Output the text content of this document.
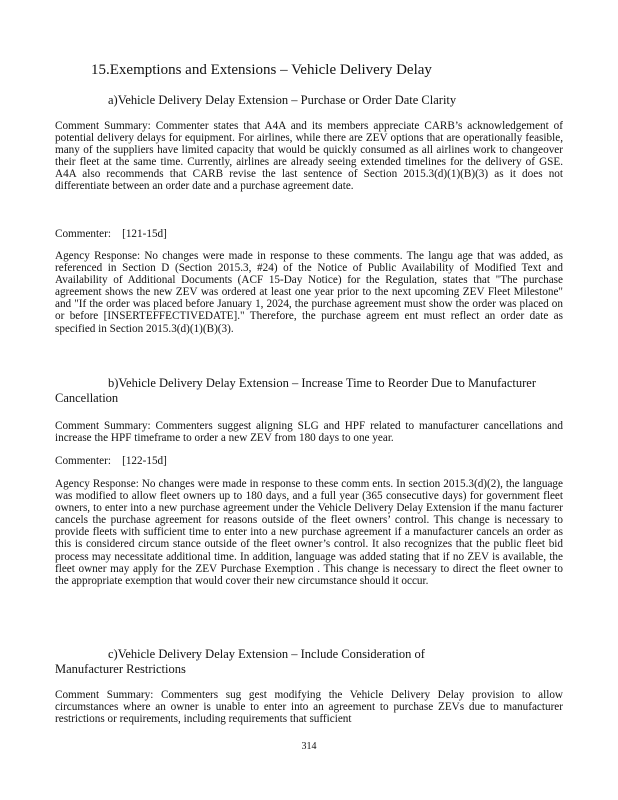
15.Exemptions and Extensions – Vehicle Delivery Delay
a)Vehicle Delivery Delay Extension – Purchase or Order Date Clarity
Comment Summary: Commenter states that A4A and its members appreciate CARB’s acknowledgement of potential delivery delays for equipment. For airlines, while there are ZEV options that are operationally feasible, many of the suppliers have limited capacity that would be quickly consumed as all airlines work to changeover their fleet at the same time. Currently, airlines are already seeing extended timelines for the delivery of GSE. A4A also recommends that CARB revise the last sentence of Section 2015.3(d)(1)(B)(3) as it does not differentiate between an order date and a purchase agreement date.
Commenter: [121-15d]
Agency Response: No changes were made in response to these comments. The langu age that was added, as referenced in Section D (Section 2015.3, #24) of the Notice of Public Availability of Modified Text and Availability of Additional Documents (ACF 15-Day Notice) for the Regulation, states that "The purchase agreement shows the new ZEV was ordered at least one year prior to the next upcoming ZEV Fleet Milestone" and "If the order was placed before January 1, 2024, the purchase agreement must show the order was placed on or before [INSERTEFFECTIVEDATE]." Therefore, the purchase agreem ent must reflect an order date as specified in Section 2015.3(d)(1)(B)(3).
b)Vehicle Delivery Delay Extension – Increase Time to Reorder Due to Manufacturer Cancellation
Comment Summary: Commenters suggest aligning SLG and HPF related to manufacturer cancellations and increase the HPF timeframe to order a new ZEV from 180 days to one year.
Commenter: [122-15d]
Agency Response: No changes were made in response to these comm ents. In section 2015.3(d)(2), the language was modified to allow fleet owners up to 180 days, and a full year (365 consecutive days) for government fleet owners, to enter into a new purchase agreement under the Vehicle Delivery Delay Extension if the manu facturer cancels the purchase agreement for reasons outside of the fleet owners’ control. This change is necessary to provide fleets with sufficient time to enter into a new purchase agreement if a manufacturer cancels an order as this is considered circum stance outside of the fleet owner’s control. It also recognizes that the public fleet bid process may necessitate additional time. In addition, language was added stating that if no ZEV is available, the fleet owner may apply for the ZEV Purchase Exemption . This change is necessary to direct the fleet owner to the appropriate exemption that would cover their new circumstance should it occur.
c)Vehicle Delivery Delay Extension – Include Consideration of Manufacturer Restrictions
Comment Summary: Commenters sug gest modifying the Vehicle Delivery Delay provision to allow circumstances where an owner is unable to enter into an agreement to purchase ZEVs due to manufacturer restrictions or requirements, including requirements that sufficient
314
